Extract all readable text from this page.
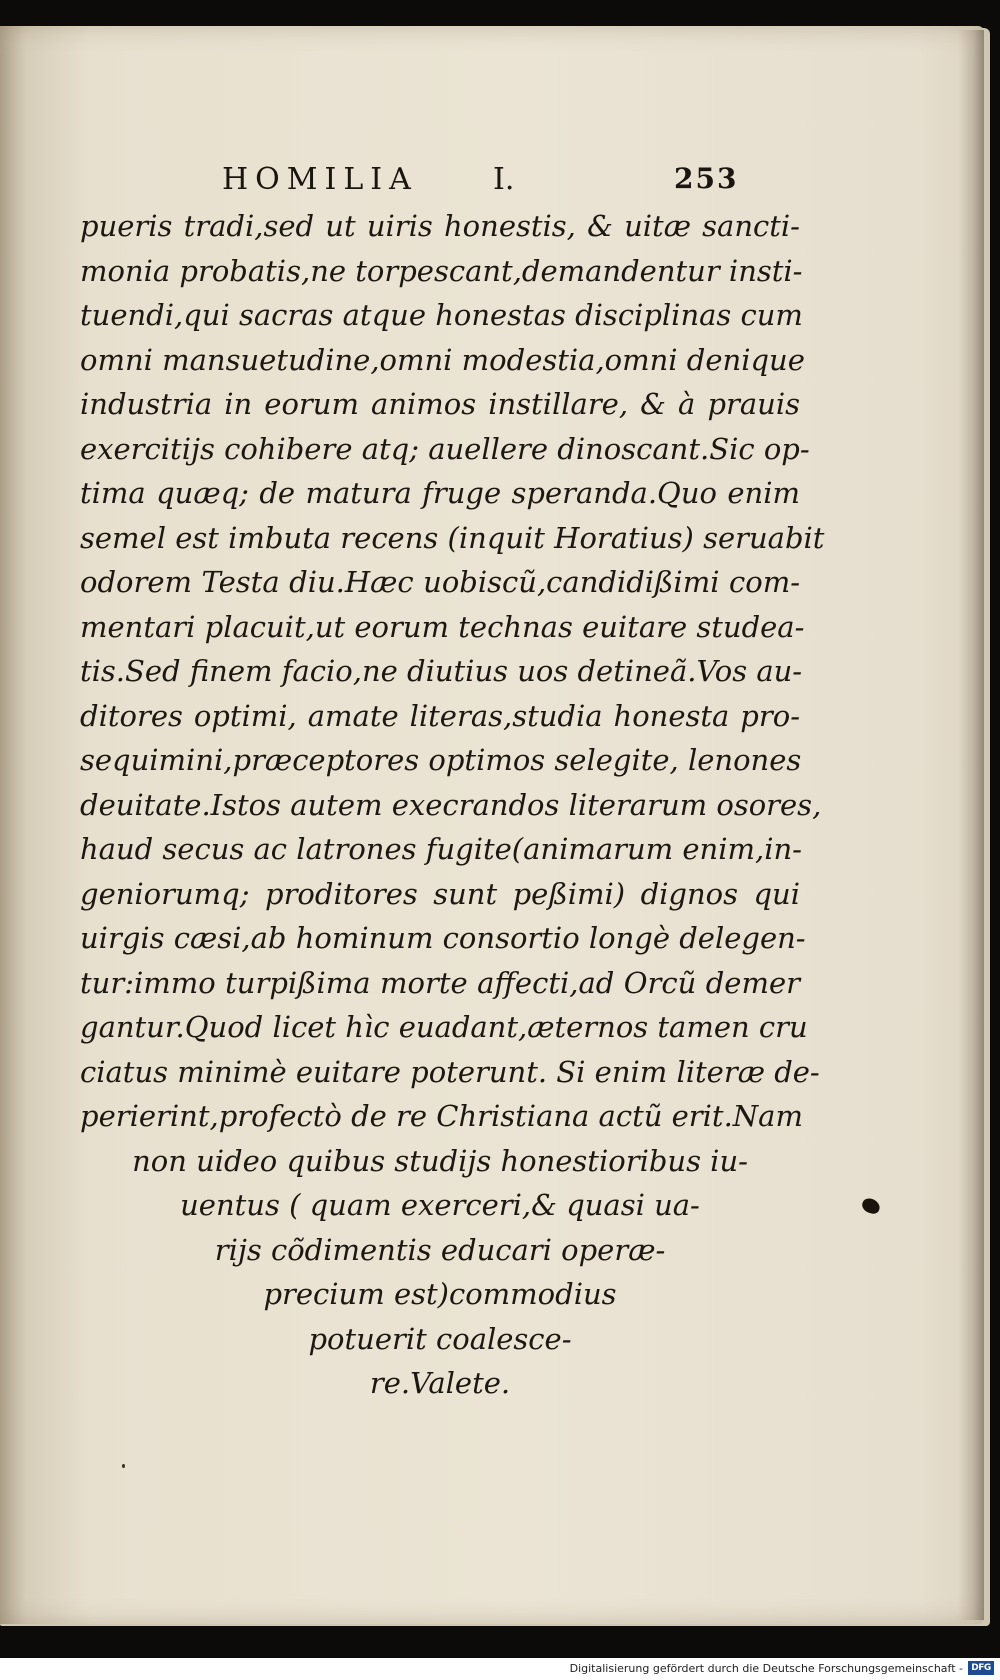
HOMILIA	I.	253
pueris tradi,sed ut uiris honestis, & uitæ sancti-
monia probatis,ne torpescant,demandentur insti-
tuendi,qui sacras atque honestas disciplinas cum
omni mansuetudine,omni modestia,omni denique
industria in eorum animos instillare, & à prauis
exercitijs cohibere atq; auellere dinoscant.Sic op-
tima quæq; de matura fruge speranda.Quo enim
semel est imbuta recens (inquit Horatius) seruabit
odorem Testa diu.Hæc uobiscũ,candidißimi com-
mentari placuit,ut eorum technas euitare studea-
tis.Sed finem facio,ne diutius uos detineã.Vos au-
ditores optimi, amate literas,studia honesta pro-
sequimini,præceptores optimos selegite, lenones
deuitate.Istos autem execrandos literarum osores,
haud secus ac latrones fugite(animarum enim,in-
geniorumq; proditores sunt peßimi) dignos qui
uirgis cæsi,ab hominum consortio longè delegen-
tur:immo turpißima morte affecti,ad Orcũ demer
gantur.Quod licet hìc euadant,æternos tamen cru
ciatus minimè euitare poterunt. Si enim literæ de-
perierint,profectò de re Christiana actũ erit.Nam
non uideo quibus studijs honestioribus iu-
uentus ( quam exerceri,& quasi ua-
rijs cõdimentis educari operæ-
precium est)commodius
potuerit coalesce-
re.Valete.
Digitalisierung gefördert durch die Deutsche Forschungsgemeinschaft - DFG
